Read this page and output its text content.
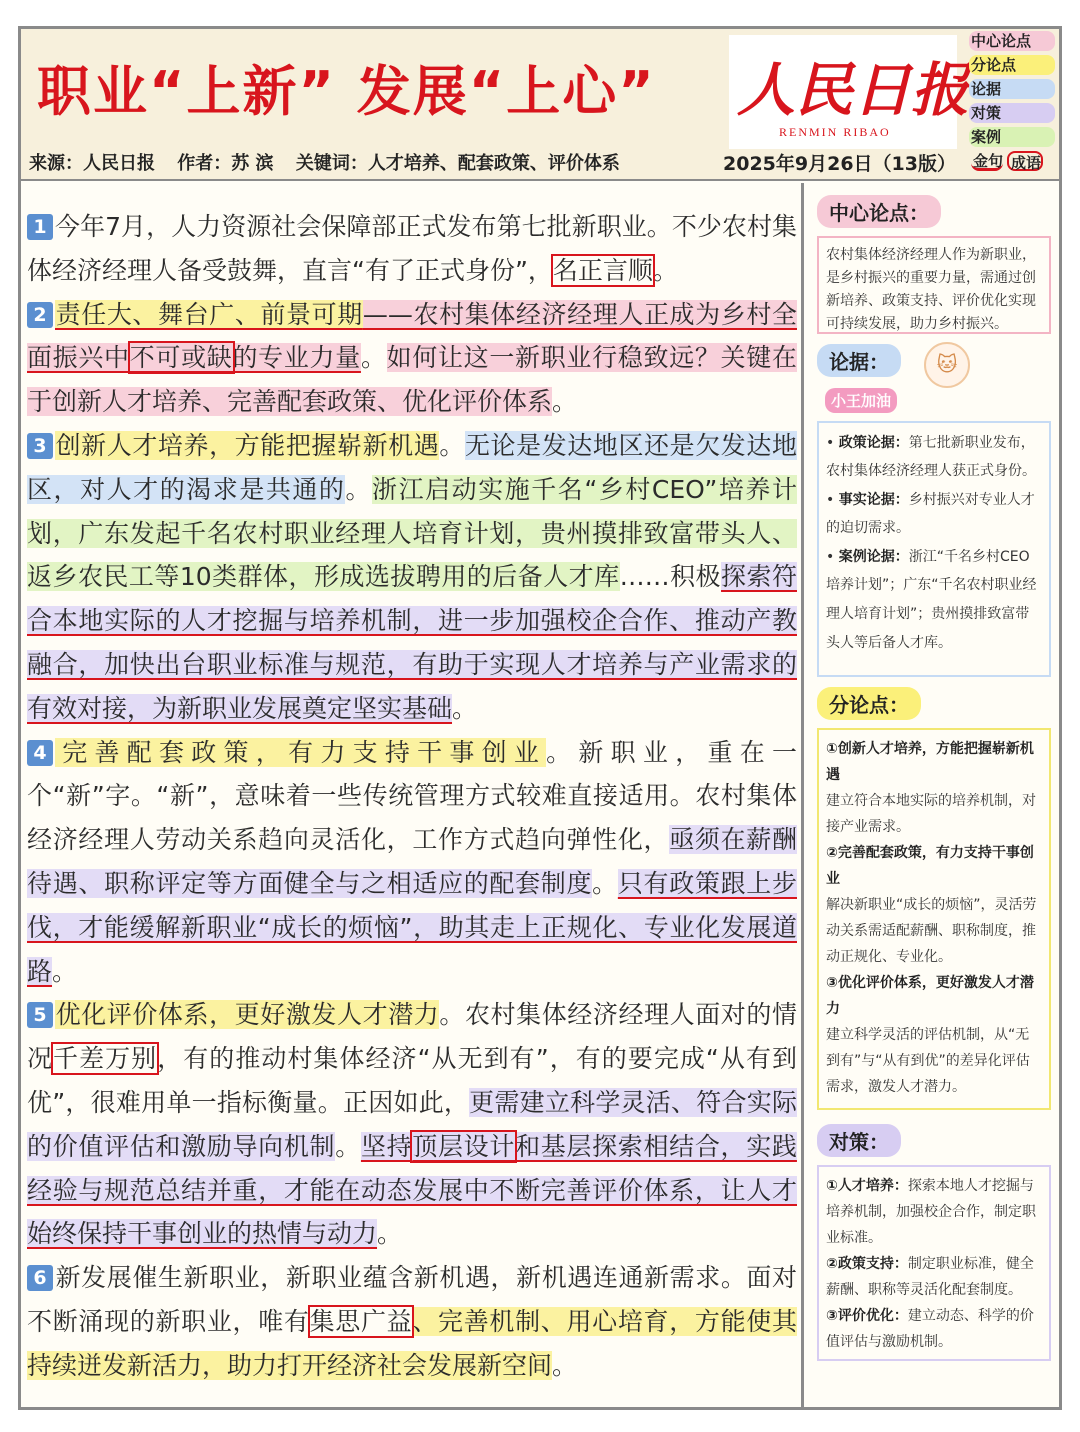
职业“上新” 发展“上心” 人民日报
RENMIN RIBAO
来源：人民日报 作者：苏 滨 关键词：人才培养、配套政策、评价体系	2025年9月26日（13版）
中心论点
分论点
论据
对策
案例
金句 成语

1 今年7月，人力资源社会保障部正式发布第七批新职业。不少农村集体经济经理人备受鼓舞，直言“有了正式身份”，名正言顺。

2 责任大、舞台广、前景可期——农村集体经济经理人正成为乡村全面振兴中不可或缺的专业力量。如何让这一新职业行稳致远？关键在于创新人才培养、完善配套政策、优化评价体系。

3 创新人才培养，方能把握崭新机遇。无论是发达地区还是欠发达地区，对人才的渴求是共通的。浙江启动实施千名“乡村CEO”培养计划，广东发起千名农村职业经理人培育计划，贵州摸排致富带头人、返乡农民工等10类群体，形成选拔聘用的后备人才库……积极探索符合本地实际的人才挖掘与培养机制，进一步加强校企合作、推动产教融合，加快出台职业标准与规范，有助于实现人才培养与产业需求的有效对接，为新职业发展奠定坚实基础。

4 完善配套政策，有力支持干事创业。新职业，重在一个“新”字。“新”，意味着一些传统管理方式较难直接适用。农村集体经济经理人劳动关系趋向灵活化，工作方式趋向弹性化，亟须在薪酬待遇、职称评定等方面健全与之相适应的配套制度。只有政策跟上步伐，才能缓解新职业“成长的烦恼”，助其走上正规化、专业化发展道路。

5 优化评价体系，更好激发人才潜力。农村集体经济经理人面对的情况千差万别，有的推动村集体经济“从无到有”，有的要完成“从有到优”，很难用单一指标衡量。正因如此，更需建立科学灵活、符合实际的价值评估和激励导向机制。坚持顶层设计和基层探索相结合，实践经验与规范总结并重，才能在动态发展中不断完善评价体系，让人才始终保持干事创业的热情与动力。

6 新发展催生新职业，新职业蕴含新机遇，新机遇连通新需求。面对不断涌现的新职业，唯有集思广益、完善机制、用心培育，方能使其持续迸发新活力，助力打开经济社会发展新空间。

中心论点：
农村集体经济经理人作为新职业，是乡村振兴的重要力量，需通过创新培养、政策支持、评价优化实现可持续发展，助力乡村振兴。
论据： 🐱 小王加油
• 政策论据：第七批新职业发布，农村集体经济经理人获正式身份。
• 事实论据：乡村振兴对专业人才的迫切需求。
• 案例论据：浙江“千名乡村CEO培养计划”；广东“千名农村职业经理人培育计划”；贵州摸排致富带头人等后备人才库。
分论点：
①创新人才培养，方能把握崭新机遇
建立符合本地实际的培养机制，对接产业需求。
②完善配套政策，有力支持干事创业
解决新职业“成长的烦恼”，灵活劳动关系需适配薪酬、职称制度，推动正规化、专业化。
③优化评价体系，更好激发人才潜力
建立科学灵活的评估机制，从“无到有”与“从有到优”的差异化评估需求，激发人才潜力。
对策：
①人才培养：探索本地人才挖掘与培养机制，加强校企合作，制定职业标准。
②政策支持：制定职业标准，健全薪酬、职称等灵活化配套制度。
③评价优化：建立动态、科学的价值评估与激励机制。
